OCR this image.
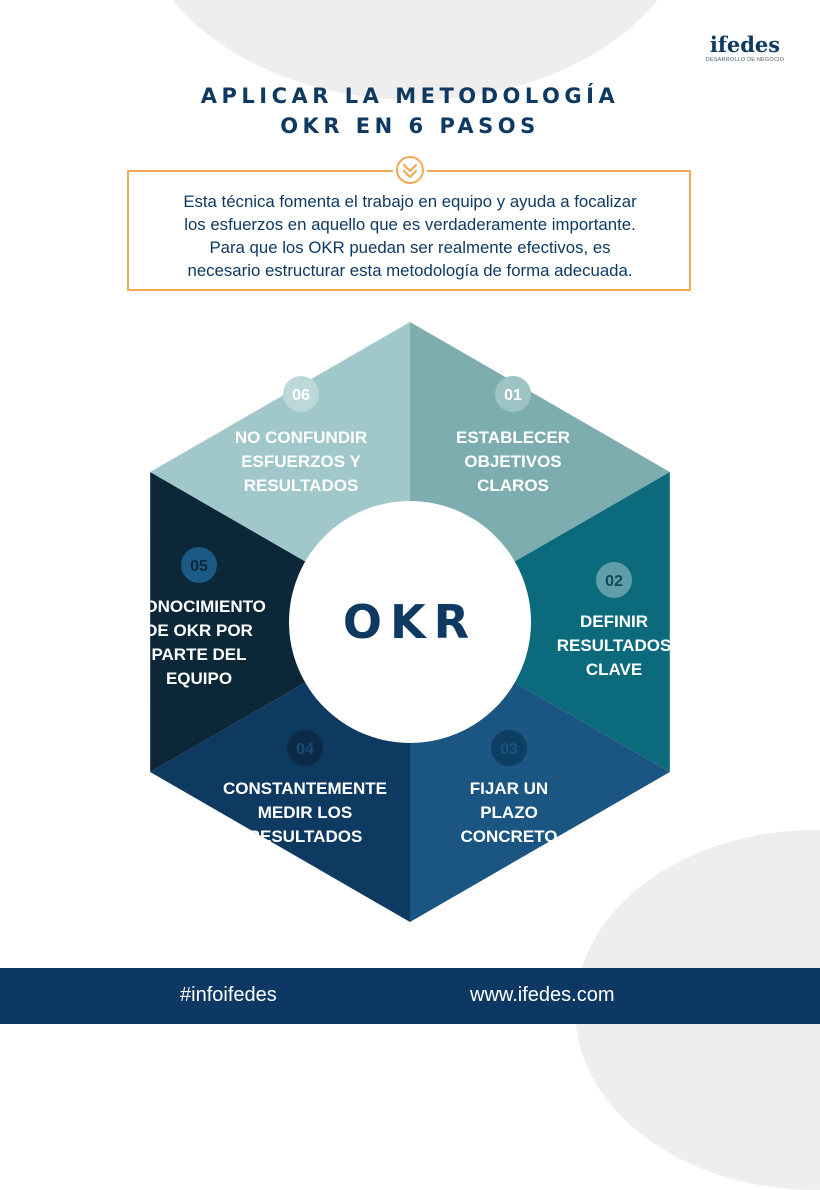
ifedes
DESARROLLO DE NEGOCIO
APLICAR LA METODOLOGÍA
OKR EN 6 PASOS
Esta técnica fomenta el trabajo en equipo y ayuda a focalizar
los esfuerzos en aquello que es verdaderamente importante.
Para que los OKR puedan ser realmente efectivos, es
necesario estructurar esta metodología de forma adecuada.
OKR
01
ESTABLECER
OBJETIVOS
CLAROS
02
DEFINIR
RESULTADOS
CLAVE
03
FIJAR UN
PLAZO
CONCRETO
04
CONSTANTEMENTE
MEDIR LOS
RESULTADOS
05
CONOCIMIENTO
DE OKR POR
PARTE DEL
EQUIPO
06
NO CONFUNDIR
ESFUERZOS Y
RESULTADOS
#infoifedes	www.ifedes.com
